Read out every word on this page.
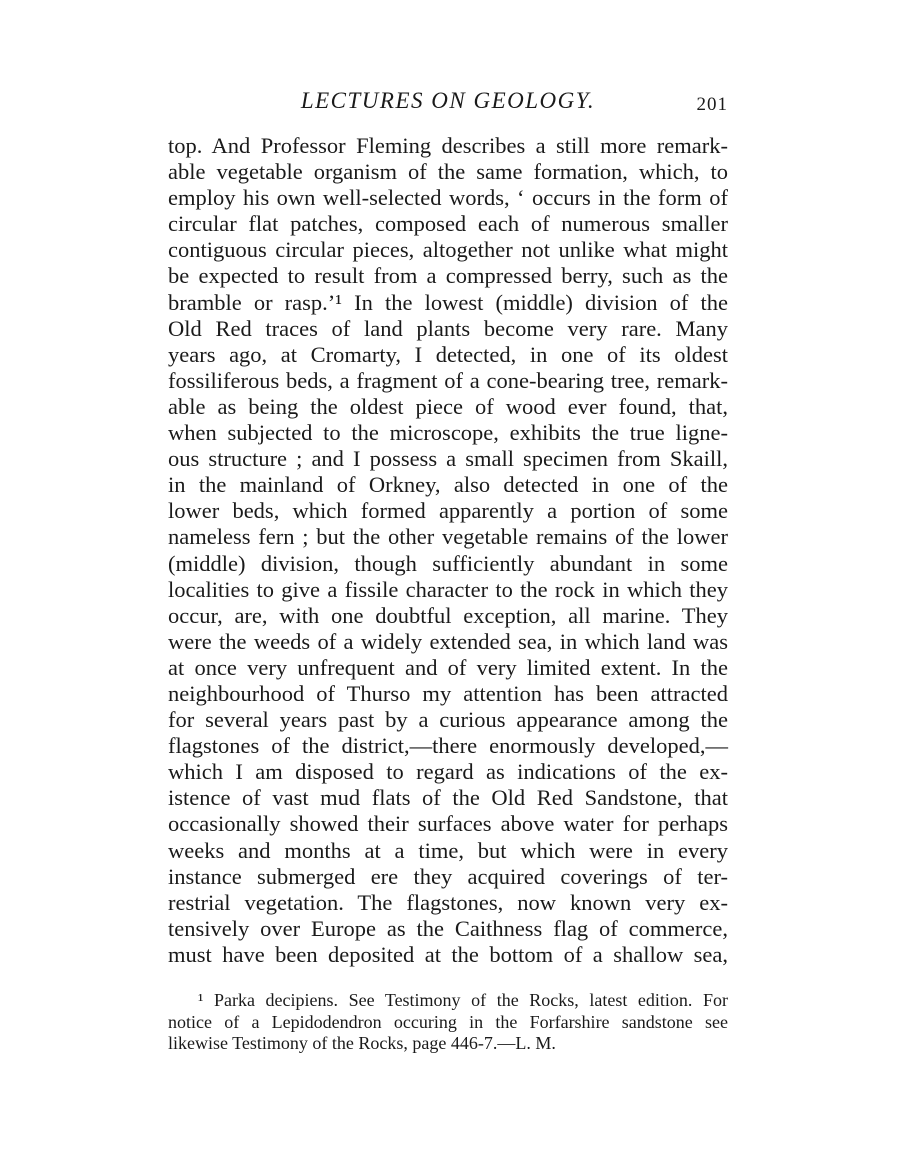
LECTURES ON GEOLOGY.	201
top. And Professor Fleming describes a still more remark-
able vegetable organism of the same formation, which, to
employ his own well-selected words, ‘ occurs in the form of
circular flat patches, composed each of numerous smaller
contiguous circular pieces, altogether not unlike what might
be expected to result from a compressed berry, such as the
bramble or rasp.’¹ In the lowest (middle) division of the
Old Red traces of land plants become very rare. Many
years ago, at Cromarty, I detected, in one of its oldest
fossiliferous beds, a fragment of a cone-bearing tree, remark-
able as being the oldest piece of wood ever found, that,
when subjected to the microscope, exhibits the true ligne-
ous structure ; and I possess a small specimen from Skaill,
in the mainland of Orkney, also detected in one of the
lower beds, which formed apparently a portion of some
nameless fern ; but the other vegetable remains of the lower
(middle) division, though sufficiently abundant in some
localities to give a fissile character to the rock in which they
occur, are, with one doubtful exception, all marine. They
were the weeds of a widely extended sea, in which land was
at once very unfrequent and of very limited extent. In the
neighbourhood of Thurso my attention has been attracted
for several years past by a curious appearance among the
flagstones of the district,—there enormously developed,—
which I am disposed to regard as indications of the ex-
istence of vast mud flats of the Old Red Sandstone, that
occasionally showed their surfaces above water for perhaps
weeks and months at a time, but which were in every
instance submerged ere they acquired coverings of ter-
restrial vegetation. The flagstones, now known very ex-
tensively over Europe as the Caithness flag of commerce,
must have been deposited at the bottom of a shallow sea,
¹ Parka decipiens. See Testimony of the Rocks, latest edition. For
notice of a Lepidodendron occuring in the Forfarshire sandstone see
likewise Testimony of the Rocks, page 446-7.—L. M.
